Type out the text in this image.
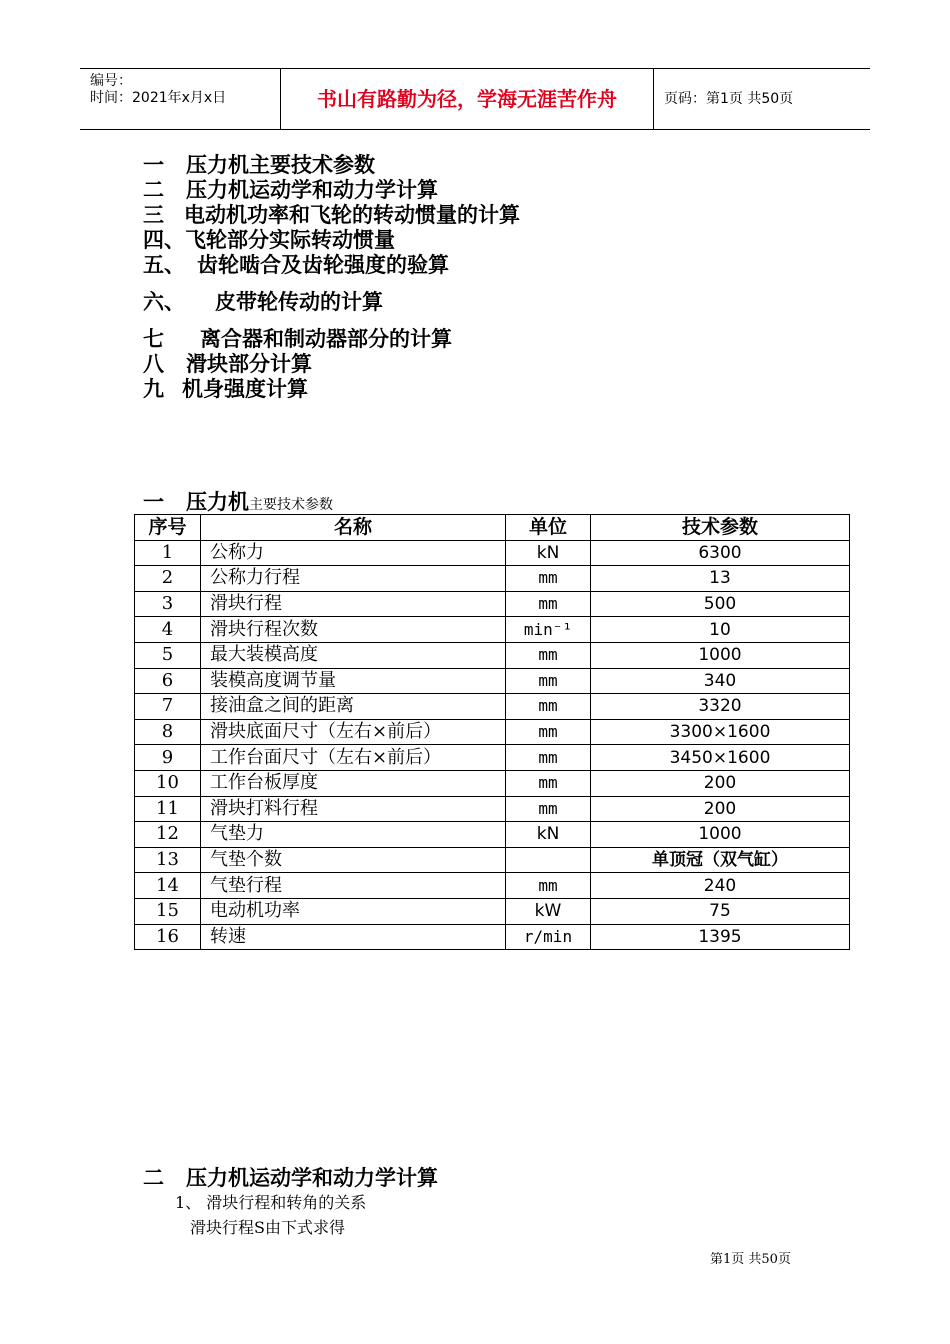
编号：
时间：2021年x月x日	书山有路勤为径，学海无涯苦作舟	页码：第1页 共50页
一 压力机主要技术参数
二 压力机运动学和动力学计算
三 电动机功率和飞轮的转动惯量的计算
四、飞轮部分实际转动惯量
五、 齿轮啮合及齿轮强度的验算
六、 皮带轮传动的计算
七 离合器和制动器部分的计算
八 滑块部分计算
九 机身强度计算
一 压力机主要技术参数
序号	名称	单位	技术参数
1	公称力	kN	6300
2	公称力行程	mm	13
3	滑块行程	mm	500
4	滑块行程次数	min⁻¹	10
5	最大装模高度	mm	1000
6	装模高度调节量	mm	340
7	接油盒之间的距离	mm	3320
8	滑块底面尺寸（左右×前后）	mm	3300×1600
9	工作台面尺寸（左右×前后）	mm	3450×1600
10	工作台板厚度	mm	200
11	滑块打料行程	mm	200
12	气垫力	kN	1000
13	气垫个数		单顶冠（双气缸）
14	气垫行程	mm	240
15	电动机功率	kW	75
16	转速	r/min	1395
二 压力机运动学和动力学计算
1、 滑块行程和转角的关系
滑块行程S由下式求得
第1页 共50页
